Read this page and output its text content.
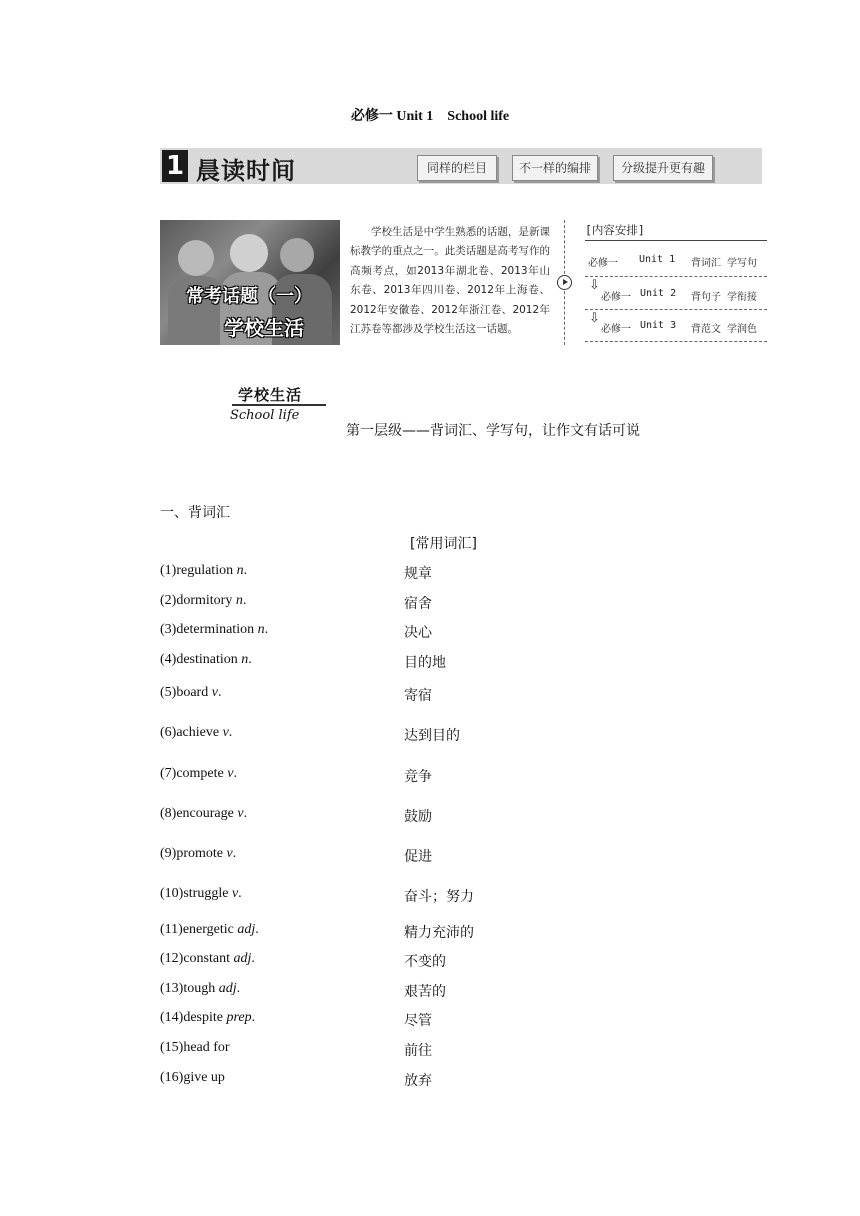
必修一 Unit 1　School life
1 晨读时间	同样的栏目	不一样的编排	分级提升更有趣
常考话题（一）
学校生活
学校生活是中学生熟悉的话题，是新课标教学的重点之一。此类话题是高考写作的高频考点，如2013年湖北卷、2013年山东卷、2013年四川卷、2012年上海卷、2012年安徽卷、2012年浙江卷、2012年江苏卷等都涉及学校生活这一话题。
[内容安排]
必修一 Unit 1 背词汇 学写句
⇩
必修一 Unit 2 背句子 学衔接
⇩
必修一 Unit 3 背范文 学润色
学校生活
School life
第一层级——背词汇、学写句，让作文有话可说
一、背词汇
[常用词汇]
(1)regulation n.	规章
(2)dormitory n.	宿舍
(3)determination n.	决心
(4)destination n.	目的地
(5)board v.	寄宿
(6)achieve v.	达到目的
(7)compete v.	竞争
(8)encourage v.	鼓励
(9)promote v.	促进
(10)struggle v.	奋斗；努力
(11)energetic adj.	精力充沛的
(12)constant adj.	不变的
(13)tough adj.	艰苦的
(14)despite prep.	尽管
(15)head for	前往
(16)give up	放弃
